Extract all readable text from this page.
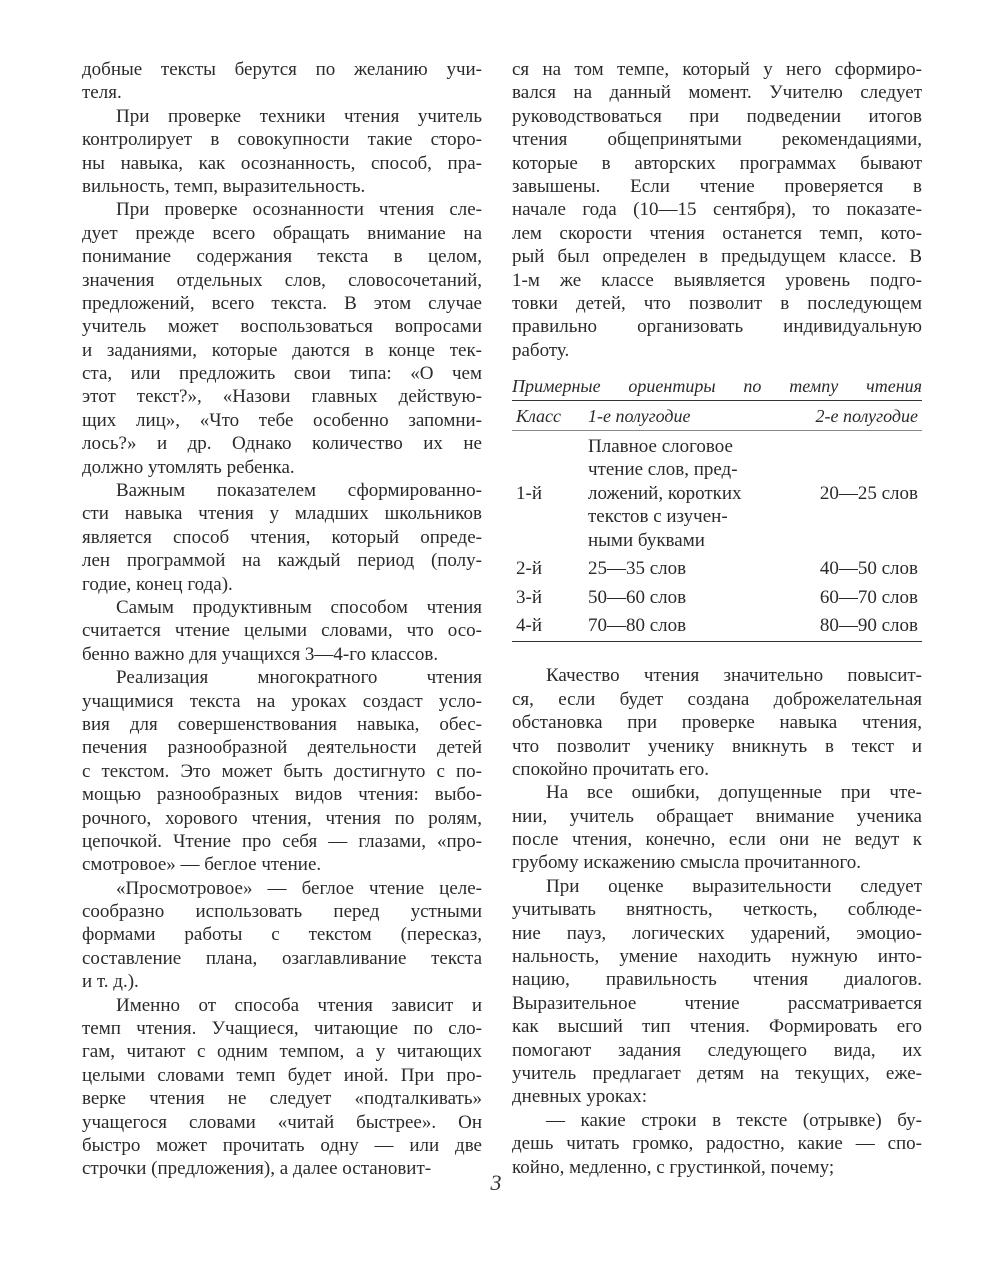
добные тексты берутся по желанию учи-
теля.
При проверке техники чтения учитель
контролирует в совокупности такие сторо-
ны навыка, как осознанность, способ, пра-
вильность, темп, выразительность.
При проверке осознанности чтения сле-
дует прежде всего обращать внимание на
понимание содержания текста в целом,
значения отдельных слов, словосочетаний,
предложений, всего текста. В этом случае
учитель может воспользоваться вопросами
и заданиями, которые даются в конце тек-
ста, или предложить свои типа: «О чем
этот текст?», «Назови главных действую-
щих лиц», «Что тебе особенно запомни-
лось?» и др. Однако количество их не
должно утомлять ребенка.
Важным показателем сформированно-
сти навыка чтения у младших школьников
является способ чтения, который опреде-
лен программой на каждый период (полу-
годие, конец года).
Самым продуктивным способом чтения
считается чтение целыми словами, что осо-
бенно важно для учащихся 3—4-го классов.
Реализация многократного чтения
учащимися текста на уроках создаст усло-
вия для совершенствования навыка, обес-
печения разнообразной деятельности детей
с текстом. Это может быть достигнуто с по-
мощью разнообразных видов чтения: выбо-
рочного, хорового чтения, чтения по ролям,
цепочкой. Чтение про себя — глазами, «про-
смотровое» — беглое чтение.
«Просмотровое» — беглое чтение целе-
сообразно использовать перед устными
формами работы с текстом (пересказ,
составление плана, озаглавливание текста
и т. д.).
Именно от способа чтения зависит и
темп чтения. Учащиеся, читающие по сло-
гам, читают с одним темпом, а у читающих
целыми словами темп будет иной. При про-
верке чтения не следует «подталкивать»
учащегося словами «читай быстрее». Он
быстро может прочитать одну — или две
строчки (предложения), а далее остановит-
ся на том темпе, который у него сформиро-
вался на данный момент. Учителю следует
руководствоваться при подведении итогов
чтения общепринятыми рекомендациями,
которые в авторских программах бывают
завышены. Если чтение проверяется в
начале года (10—15 сентября), то показате-
лем скорости чтения останется темп, кото-
рый был определен в предыдущем классе. В
1-м же классе выявляется уровень подго-
товки детей, что позволит в последующем
правильно организовать индивидуальную
работу.
Примерные ориентиры по темпу чтения
Класс	1-е полугодие	2-е полугодие
1-й	Плавное слоговое
чтение слов, пред-
ложений, коротких
текстов с изучен-
ными буквами	20—25 слов
2-й	25—35 слов	40—50 слов
3-й	50—60 слов	60—70 слов
4-й	70—80 слов	80—90 слов
Качество чтения значительно повысит-
ся, если будет создана доброжелательная
обстановка при проверке навыка чтения,
что позволит ученику вникнуть в текст и
спокойно прочитать его.
На все ошибки, допущенные при чте-
нии, учитель обращает внимание ученика
после чтения, конечно, если они не ведут к
грубому искажению смысла прочитанного.
При оценке выразительности следует
учитывать внятность, четкость, соблюде-
ние пауз, логических ударений, эмоцио-
нальность, умение находить нужную инто-
нацию, правильность чтения диалогов.
Выразительное чтение рассматривается
как высший тип чтения. Формировать его
помогают задания следующего вида, их
учитель предлагает детям на текущих, еже-
дневных уроках:
— какие строки в тексте (отрывке) бу-
дешь читать громко, радостно, какие — спо-
койно, медленно, с грустинкой, почему;
3
